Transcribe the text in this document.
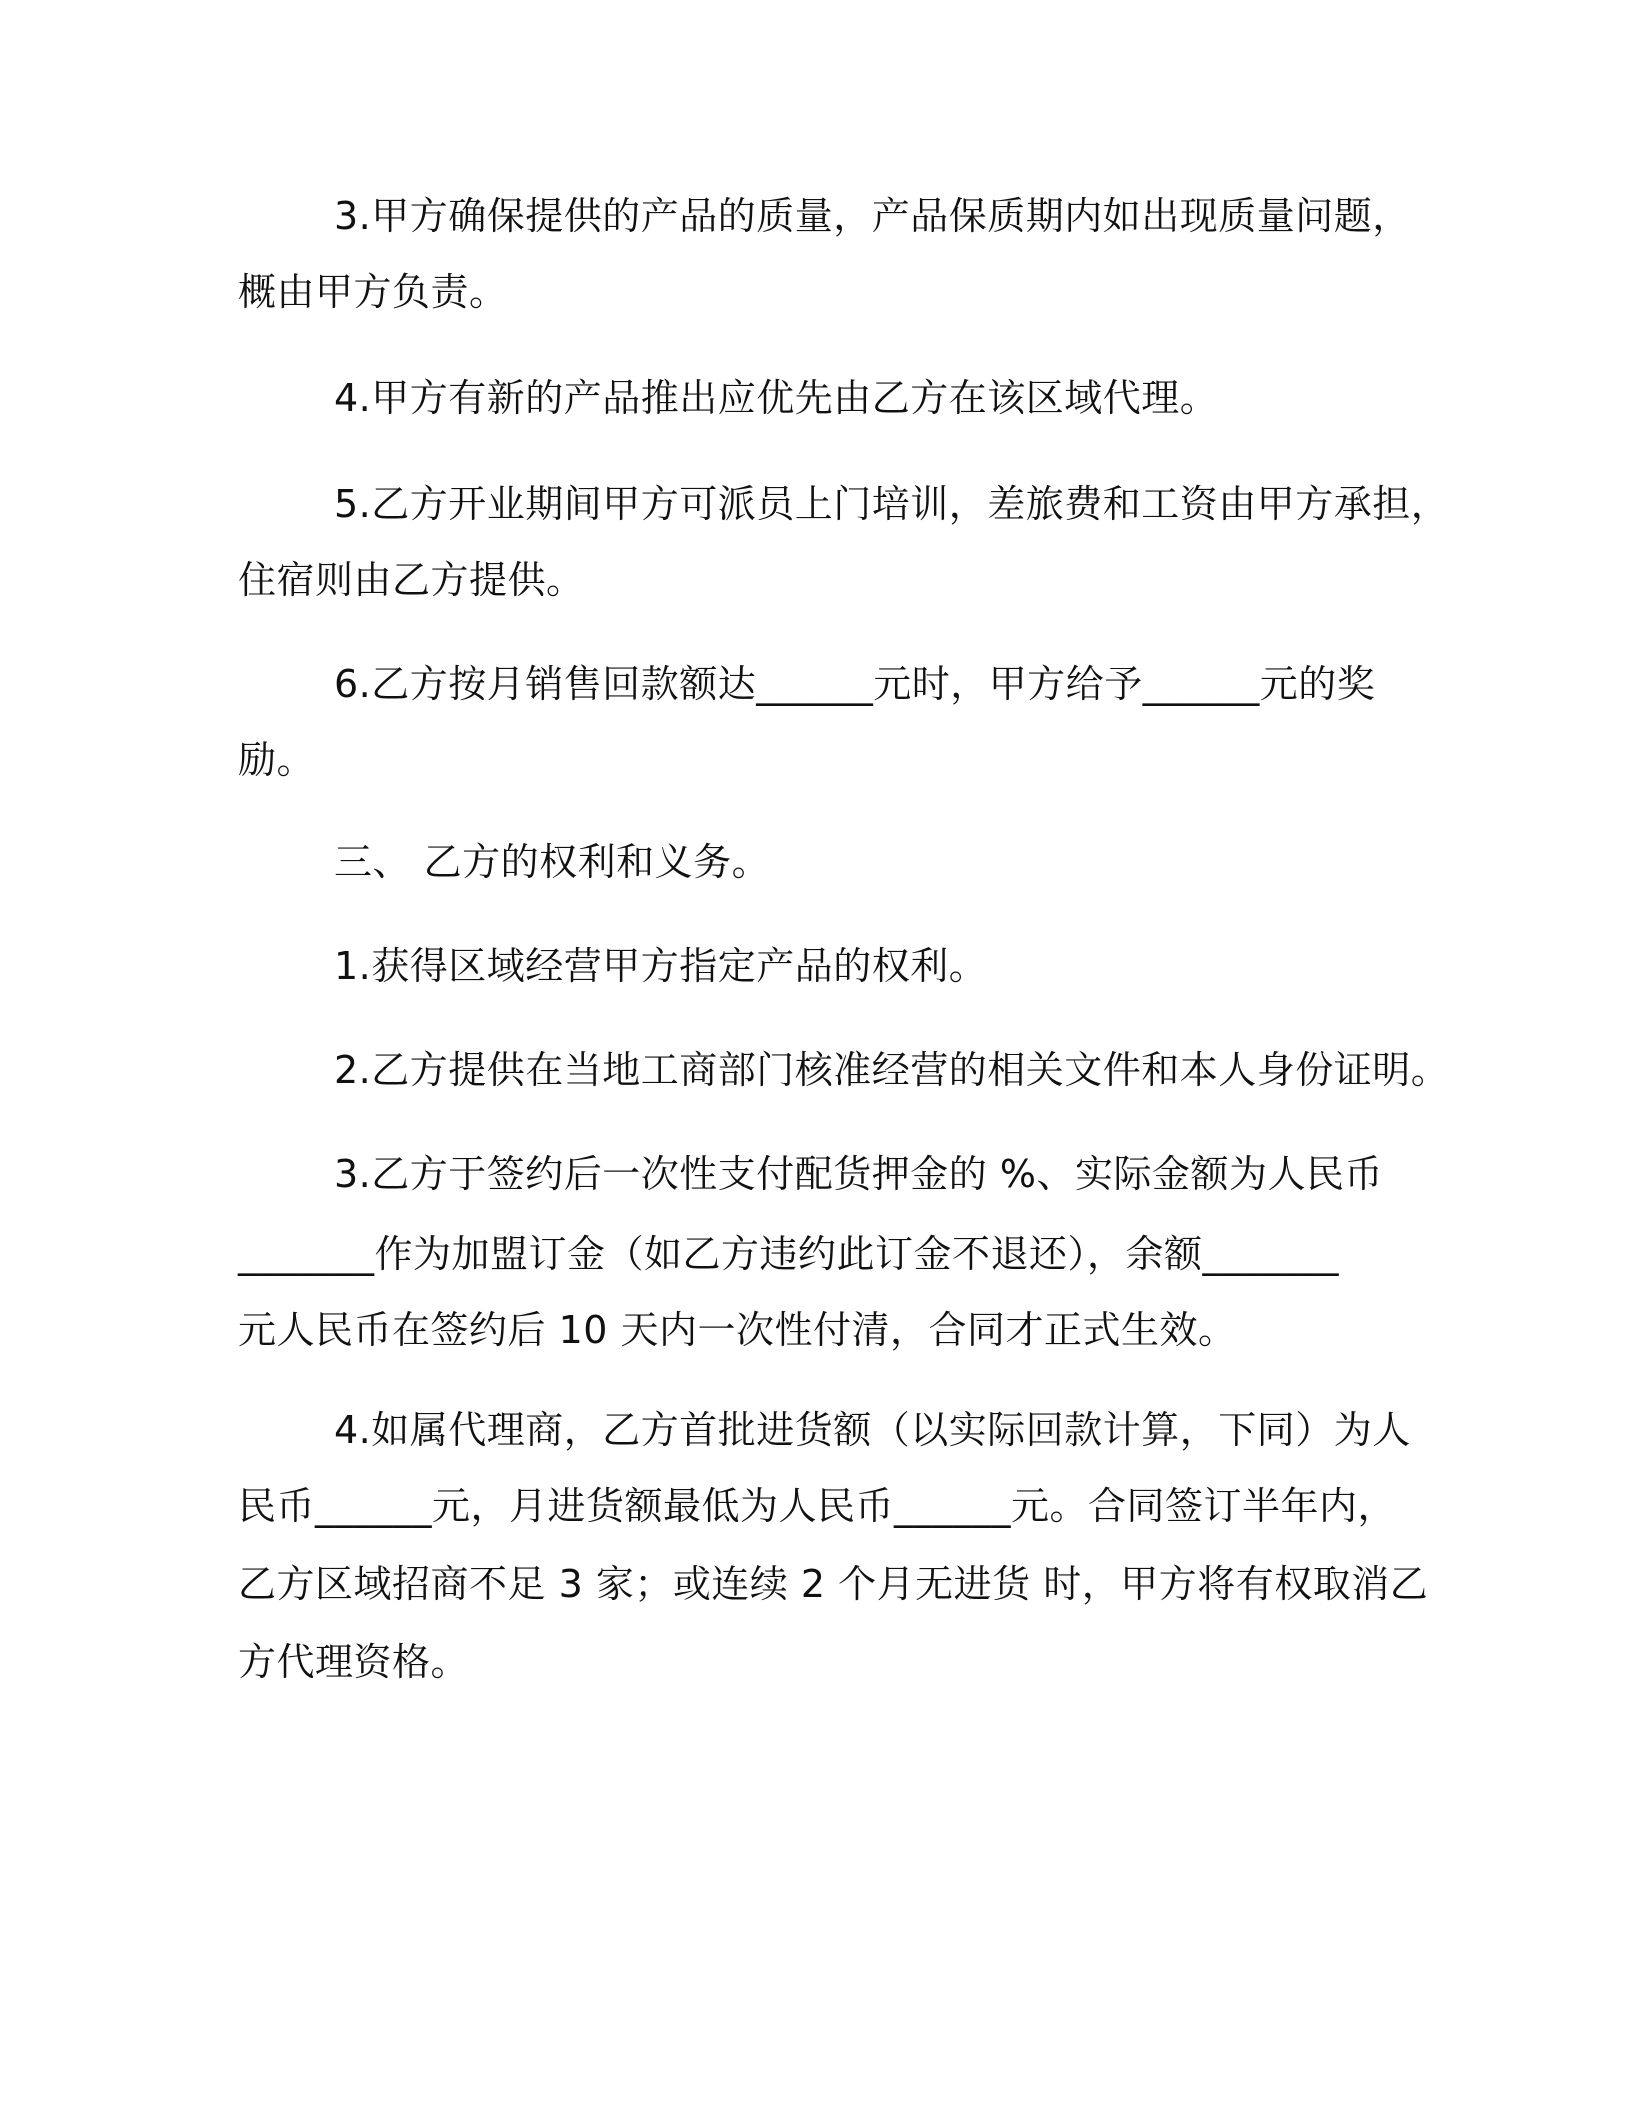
3.甲方确保提供的产品的质量，产品保质期内如出现质量问题，

概由甲方负责。

4.甲方有新的产品推出应优先由乙方在该区域代理。

5.乙方开业期间甲方可派员上门培训，差旅费和工资由甲方承担，

住宿则由乙方提供。

6.乙方按月销售回款额达______元时，甲方给予______元的奖

励。

三、 乙方的权利和义务。

1.获得区域经营甲方指定产品的权利。

2.乙方提供在当地工商部门核准经营的相关文件和本人身份证明。

3.乙方于签约后一次性支付配货押金的 %、实际金额为人民币

_______作为加盟订金（如乙方违约此订金不退还），余额_______

元人民币在签约后 10 天内一次性付清，合同才正式生效。

4.如属代理商，乙方首批进货额（以实际回款计算，下同）为人

民币______元，月进货额最低为人民币______元。合同签订半年内，

乙方区域招商不足 3 家；或连续 2 个月无进货 时，甲方将有权取消乙

方代理资格。
